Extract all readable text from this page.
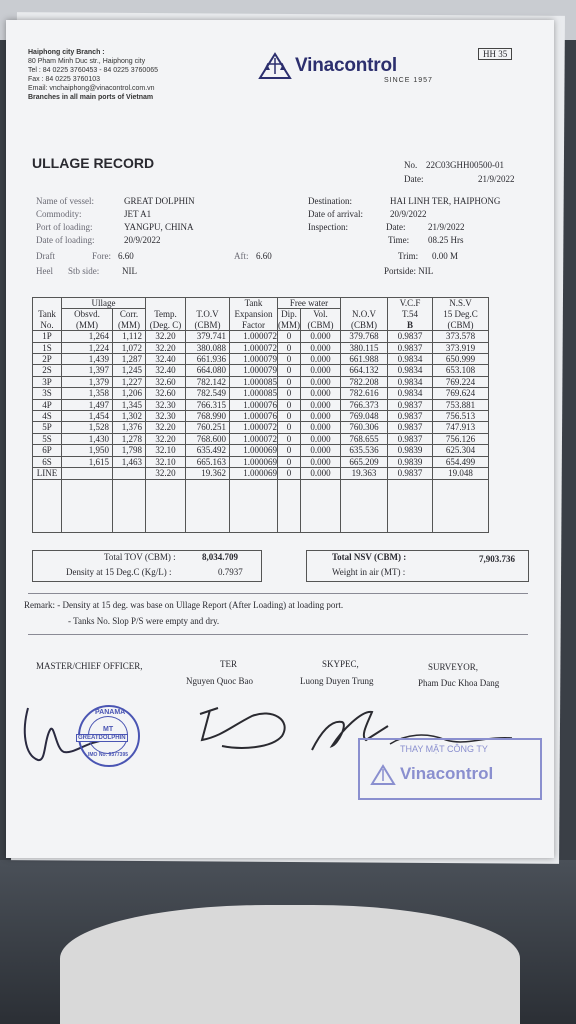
Haiphong city Branch :
80 Pham Minh Duc str., Haiphong city
Tel : 84 0225 3760453 - 84 0225 3760065
Fax : 84 0225 3760103
Email: vnchaiphong@vinacontrol.com.vn
Branches in all main ports of Vietnam
Vinacontrol
SINCE 1957
HH 35
ULLAGE RECORD	No. 22C03GHH00500-01
Date:	21/9/2022
Name of vessel:	GREAT DOLPHIN
Commodity:	JET A1
Port of loading:	YANGPU, CHINA
Date of loading:	20/9/2022
Draft	Fore: 6.60	Aft: 6.60
Heel Stb side:	NIL
Destination:	HAI LINH TER, HAIPHONG
Date of arrival:	20/9/2022
Inspection:	Date:	21/9/2022
Time: 08.25 Hrs
Trim: 0.00 M
Portside: NIL
	Ullage				Tank	Free water			V.C.F	N.S.V
Tank	Obsvd.	Corr.	Temp.	T.O.V	Expansion	Dip.	Vol.	N.O.V	T.54	15 Deg.C
No.	(MM)	(MM)	(Deg. C)	(CBM)	Factor	(MM)	(CBM)	(CBM)	B	(CBM)
1P	1,264	1,112	32.20	379.741	1.000072	0	0.000	379.768	0.9837	373.578
1S	1,224	1,072	32.20	380.088	1.000072	0	0.000	380.115	0.9837	373.919
2P	1,439	1,287	32.40	661.936	1.000079	0	0.000	661.988	0.9834	650.999
2S	1,397	1,245	32.40	664.080	1.000079	0	0.000	664.132	0.9834	653.108
3P	1,379	1,227	32.60	782.142	1.000085	0	0.000	782.208	0.9834	769.224
3S	1,358	1,206	32.60	782.549	1.000085	0	0.000	782.616	0.9834	769.624
4P	1,497	1,345	32.30	766.315	1.000076	0	0.000	766.373	0.9837	753.881
4S	1,454	1,302	32.30	768.990	1.000076	0	0.000	769.048	0.9837	756.513
5P	1,528	1,376	32.20	760.251	1.000072	0	0.000	760.306	0.9837	747.913
5S	1,430	1,278	32.20	768.600	1.000072	0	0.000	768.655	0.9837	756.126
6P	1,950	1,798	32.10	635.492	1.000069	0	0.000	635.536	0.9839	625.304
6S	1,615	1,463	32.10	665.163	1.000069	0	0.000	665.209	0.9839	654.499
LINE			32.20	19.362	1.000069	0	0.000	19.363	0.9837	19.048

Total TOV (CBM) :	8,034.709
Density at 15 Deg.C (Kg/L) :	0.7937
Total NSV (CBM) :	7,903.736
Weight in air (MT) :
Remark: - Density at 15 deg. was base on Ullage Report (After Loading) at loading port.
- Tanks No. Slop P/S were empty and dry.
MASTER/CHIEF OFFICER,	TER
Nguyen Quoc Bao
SKYPEC,
Luong Duyen Trung
SURVEYOR,
Pham Duc Khoa Dang
PANAMA
MT
GREATDOLPHIN
IMO No: 9377395
THAY MẶT CÔNG TY
Vinacontrol
